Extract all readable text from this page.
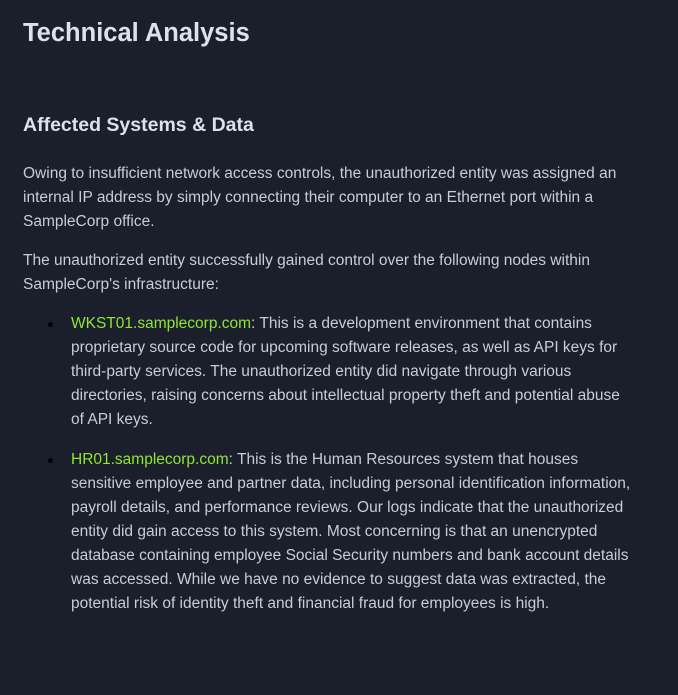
Technical Analysis
Affected Systems & Data

Owing to insufficient network access controls, the unauthorized entity was assigned an internal IP address by simply connecting their computer to an Ethernet port within a SampleCorp office.

The unauthorized entity successfully gained control over the following nodes within SampleCorp's infrastructure:

WKST01.samplecorp.com: This is a development environment that contains proprietary source code for upcoming software releases, as well as API keys for third-party services. The unauthorized entity did navigate through various directories, raising concerns about intellectual property theft and potential abuse of API keys.
HR01.samplecorp.com: This is the Human Resources system that houses sensitive employee and partner data, including personal identification information, payroll details, and performance reviews. Our logs indicate that the unauthorized entity did gain access to this system. Most concerning is that an unencrypted database containing employee Social Security numbers and bank account details was accessed. While we have no evidence to suggest data was extracted, the potential risk of identity theft and financial fraud for employees is high.
